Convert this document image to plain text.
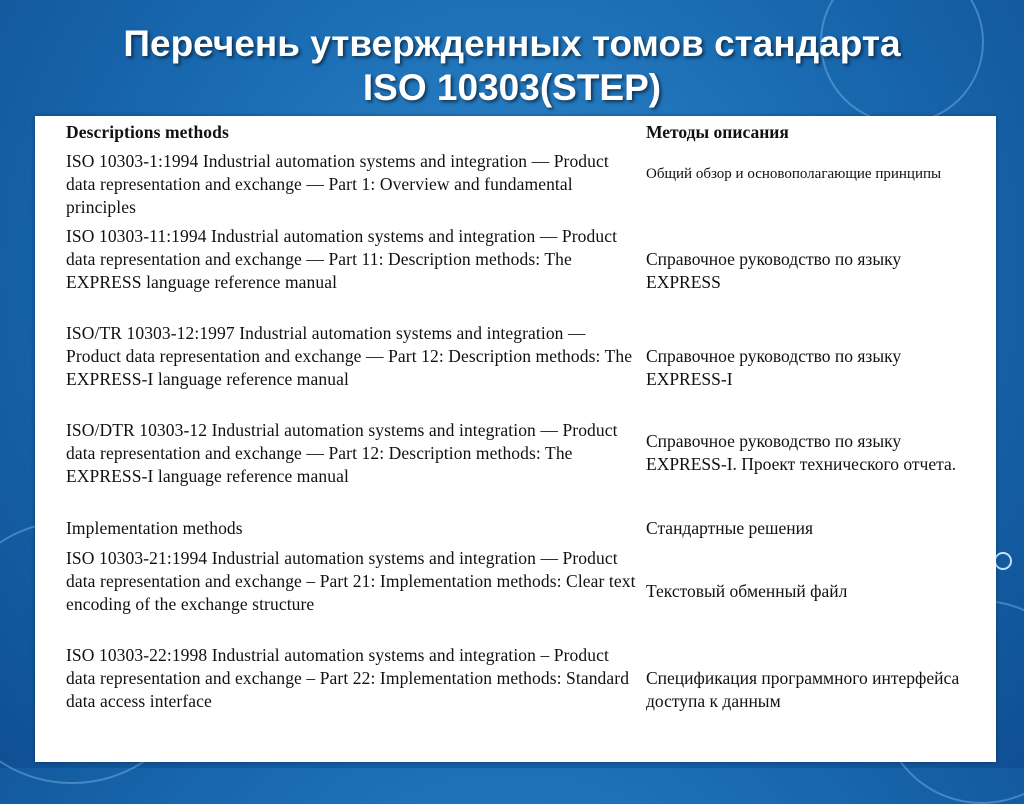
Перечень утвержденных томов стандарта
ISO 10303(STEP)
Descriptions methods	Методы описания
ISO 10303-1:1994 Industrial automation systems and integration — Product data representation and exchange — Part 1: Overview and fundamental principles
Общий обзор и основополагающие принципы
ISO 10303-11:1994 Industrial automation systems and integration — Product data representation and exchange — Part 11: Description methods: The EXPRESS language reference manual
Справочное руководство по языку EXPRESS
ISO/TR 10303-12:1997 Industrial automation systems and integration — Product data representation and exchange — Part 12: Description methods: The EXPRESS-I language reference manual
Справочное руководство по языку EXPRESS-I
ISO/DTR 10303-12 Industrial automation systems and integration — Product data representation and exchange — Part 12: Description methods: The EXPRESS-I language reference manual
Справочное руководство по языку EXPRESS-I. Проект технического отчета.
Implementation methods	Стандартные решения
ISO 10303-21:1994 Industrial automation systems and integration — Product data representation and exchange – Part 21: Implementation methods: Clear text encoding of the exchange structure
Текстовый обменный файл
ISO 10303-22:1998 Industrial automation systems and integration – Product data representation and exchange – Part 22: Implementation methods: Standard data access interface
Спецификация программного интерфейса доступа к данным
